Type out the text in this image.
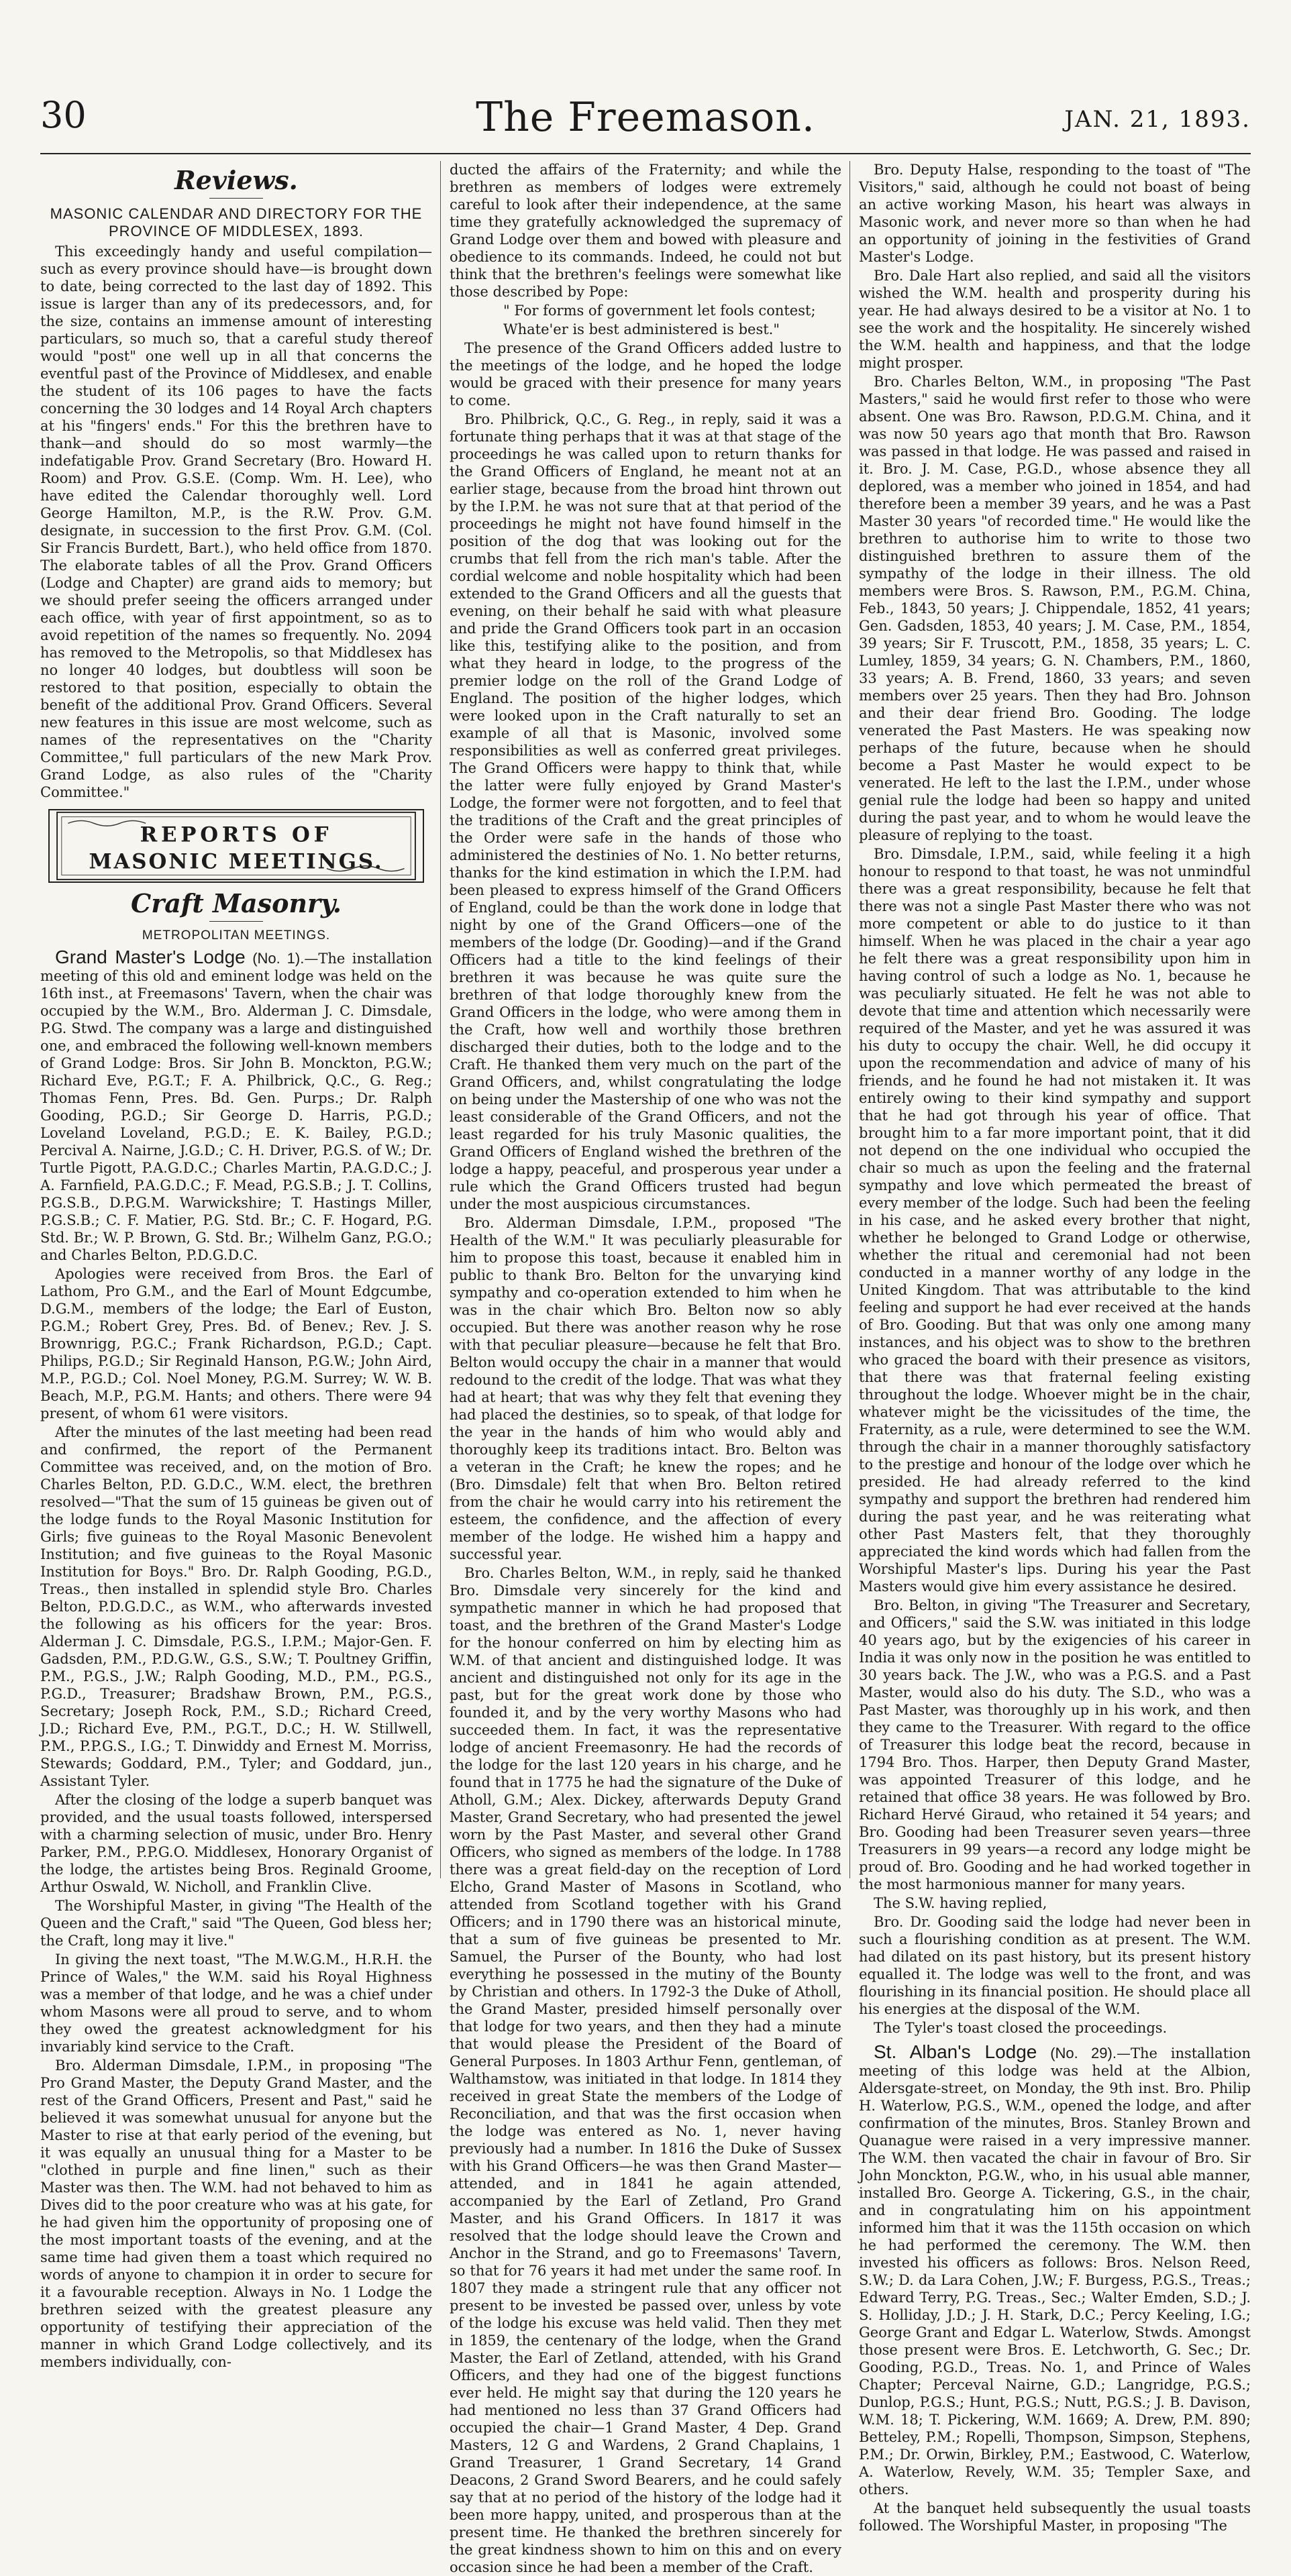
30	The Freemason.	JAN. 21, 1893.
Reviews.
MASONIC CALENDAR AND DIRECTORY FOR THE PROVINCE OF MIDDLESEX, 1893.

This exceedingly handy and useful compilation—such as every province should have—is brought down to date, being corrected to the last day of 1892. This issue is larger than any of its predecessors, and, for the size, contains an immense amount of interesting particulars, so much so, that a careful study thereof would "post" one well up in all that concerns the eventful past of the Province of Middlesex, and enable the student of its 106 pages to have the facts concerning the 30 lodges and 14 Royal Arch chapters at his "fingers' ends." For this the brethren have to thank—and should do so most warmly—the indefatigable Prov. Grand Secretary (Bro. Howard H. Room) and Prov. G.S.E. (Comp. Wm. H. Lee), who have edited the Calendar thoroughly well. Lord George Hamilton, M.P., is the R.W. Prov. G.M. designate, in succession to the first Prov. G.M. (Col. Sir Francis Burdett, Bart.), who held office from 1870. The elaborate tables of all the Prov. Grand Officers (Lodge and Chapter) are grand aids to memory; but we should prefer seeing the officers arranged under each office, with year of first appointment, so as to avoid repetition of the names so frequently. No. 2094 has removed to the Metropolis, so that Middlesex has no longer 40 lodges, but doubtless will soon be restored to that position, especially to obtain the benefit of the additional Prov. Grand Officers. Several new features in this issue are most welcome, such as names of the representatives on the "Charity Committee," full particulars of the new Mark Prov. Grand Lodge, as also rules of the "Charity Committee."

REPORTS OF
MASONIC MEETINGS.
Craft Masonry.
METROPOLITAN MEETINGS.

Grand Master's Lodge (No. 1).—The installation meeting of this old and eminent lodge was held on the 16th inst., at Freemasons' Tavern, when the chair was occupied by the W.M., Bro. Alderman J. C. Dimsdale, P.G. Stwd. The company was a large and distinguished one, and embraced the following well-known members of Grand Lodge: Bros. Sir John B. Monckton, P.G.W.; Richard Eve, P.G.T.; F. A. Philbrick, Q.C., G. Reg.; Thomas Fenn, Pres. Bd. Gen. Purps.; Dr. Ralph Gooding, P.G.D.; Sir George D. Harris, P.G.D.; Loveland Loveland, P.G.D.; E. K. Bailey, P.G.D.; Percival A. Nairne, J.G.D.; C. H. Driver, P.G.S. of W.; Dr. Turtle Pigott, P.A.G.D.C.; Charles Martin, P.A.G.D.C.; J. A. Farnfield, P.A.G.D.C.; F. Mead, P.G.S.B.; J. T. Collins, P.G.S.B., D.P.G.M. Warwickshire; T. Hastings Miller, P.G.S.B.; C. F. Matier, P.G. Std. Br.; C. F. Hogard, P.G. Std. Br.; W. P. Brown, G. Std. Br.; Wilhelm Ganz, P.G.O.; and Charles Belton, P.D.G.D.C.

Apologies were received from Bros. the Earl of Lathom, Pro G.M., and the Earl of Mount Edgcumbe, D.G.M., members of the lodge; the Earl of Euston, P.G.M.; Robert Grey, Pres. Bd. of Benev.; Rev. J. S. Brownrigg, P.G.C.; Frank Richardson, P.G.D.; Capt. Philips, P.G.D.; Sir Reginald Hanson, P.G.W.; John Aird, M.P., P.G.D.; Col. Noel Money, P.G.M. Surrey; W. W. B. Beach, M.P., P.G.M. Hants; and others. There were 94 present, of whom 61 were visitors.

After the minutes of the last meeting had been read and confirmed, the report of the Permanent Committee was received, and, on the motion of Bro. Charles Belton, P.D. G.D.C., W.M. elect, the brethren resolved—"That the sum of 15 guineas be given out of the lodge funds to the Royal Masonic Institution for Girls; five guineas to the Royal Masonic Benevolent Institution; and five guineas to the Royal Masonic Institution for Boys." Bro. Dr. Ralph Gooding, P.G.D., Treas., then installed in splendid style Bro. Charles Belton, P.D.G.D.C., as W.M., who afterwards invested the following as his officers for the year: Bros. Alderman J. C. Dimsdale, P.G.S., I.P.M.; Major-Gen. F. Gadsden, P.M., P.D.G.W., G.S., S.W.; T. Poultney Griffin, P.M., P.G.S., J.W.; Ralph Gooding, M.D., P.M., P.G.S., P.G.D., Treasurer; Bradshaw Brown, P.M., P.G.S., Secretary; Joseph Rock, P.M., S.D.; Richard Creed, J.D.; Richard Eve, P.M., P.G.T., D.C.; H. W. Stillwell, P.M., P.P.G.S., I.G.; T. Dinwiddy and Ernest M. Morriss, Stewards; Goddard, P.M., Tyler; and Goddard, jun., Assistant Tyler.

After the closing of the lodge a superb banquet was provided, and the usual toasts followed, interspersed with a charming selection of music, under Bro. Henry Parker, P.M., P.P.G.O. Middlesex, Honorary Organist of the lodge, the artistes being Bros. Reginald Groome, Arthur Oswald, W. Nicholl, and Franklin Clive.

The Worshipful Master, in giving "The Health of the Queen and the Craft," said "The Queen, God bless her; the Craft, long may it live."

In giving the next toast, "The M.W.G.M., H.R.H. the Prince of Wales," the W.M. said his Royal Highness was a member of that lodge, and he was a chief under whom Masons were all proud to serve, and to whom they owed the greatest acknowledgment for his invariably kind service to the Craft.

Bro. Alderman Dimsdale, I.P.M., in proposing "The Pro Grand Master, the Deputy Grand Master, and the rest of the Grand Officers, Present and Past," said he believed it was somewhat unusual for anyone but the Master to rise at that early period of the evening, but it was equally an unusual thing for a Master to be "clothed in purple and fine linen," such as their Master was then. The W.M. had not behaved to him as Dives did to the poor creature who was at his gate, for he had given him the opportunity of proposing one of the most important toasts of the evening, and at the same time had given them a toast which required no words of anyone to champion it in order to secure for it a favourable reception. Always in No. 1 Lodge the brethren seized with the greatest pleasure any opportunity of testifying their appreciation of the manner in which Grand Lodge collectively, and its members individually, con-

ducted the affairs of the Fraternity; and while the brethren as members of lodges were extremely careful to look after their independence, at the same time they gratefully acknowledged the supremacy of Grand Lodge over them and bowed with pleasure and obedience to its commands. Indeed, he could not but think that the brethren's feelings were somewhat like those described by Pope:

" For forms of government let fools contest;

Whate'er is best administered is best."

The presence of the Grand Officers added lustre to the meetings of the lodge, and he hoped the lodge would be graced with their presence for many years to come.

Bro. Philbrick, Q.C., G. Reg., in reply, said it was a fortunate thing perhaps that it was at that stage of the proceedings he was called upon to return thanks for the Grand Officers of England, he meant not at an earlier stage, because from the broad hint thrown out by the I.P.M. he was not sure that at that period of the proceedings he might not have found himself in the position of the dog that was looking out for the crumbs that fell from the rich man's table. After the cordial welcome and noble hospitality which had been extended to the Grand Officers and all the guests that evening, on their behalf he said with what pleasure and pride the Grand Officers took part in an occasion like this, testifying alike to the position, and from what they heard in lodge, to the progress of the premier lodge on the roll of the Grand Lodge of England. The position of the higher lodges, which were looked upon in the Craft naturally to set an example of all that is Masonic, involved some responsibilities as well as conferred great privileges. The Grand Officers were happy to think that, while the latter were fully enjoyed by Grand Master's Lodge, the former were not forgotten, and to feel that the traditions of the Craft and the great principles of the Order were safe in the hands of those who administered the destinies of No. 1. No better returns, thanks for the kind estimation in which the I.P.M. had been pleased to express himself of the Grand Officers of England, could be than the work done in lodge that night by one of the Grand Officers—one of the members of the lodge (Dr. Gooding)—and if the Grand Officers had a title to the kind feelings of their brethren it was because he was quite sure the brethren of that lodge thoroughly knew from the Grand Officers in the lodge, who were among them in the Craft, how well and worthily those brethren discharged their duties, both to the lodge and to the Craft. He thanked them very much on the part of the Grand Officers, and, whilst congratulating the lodge on being under the Mastership of one who was not the least considerable of the Grand Officers, and not the least regarded for his truly Masonic qualities, the Grand Officers of England wished the brethren of the lodge a happy, peaceful, and prosperous year under a rule which the Grand Officers trusted had begun under the most auspicious circumstances.

Bro. Alderman Dimsdale, I.P.M., proposed "The Health of the W.M." It was peculiarly pleasurable for him to propose this toast, because it enabled him in public to thank Bro. Belton for the unvarying kind sympathy and co-operation extended to him when he was in the chair which Bro. Belton now so ably occupied. But there was another reason why he rose with that peculiar pleasure—because he felt that Bro. Belton would occupy the chair in a manner that would redound to the credit of the lodge. That was what they had at heart; that was why they felt that evening they had placed the destinies, so to speak, of that lodge for the year in the hands of him who would ably and thoroughly keep its traditions intact. Bro. Belton was a veteran in the Craft; he knew the ropes; and he (Bro. Dimsdale) felt that when Bro. Belton retired from the chair he would carry into his retirement the esteem, the confidence, and the affection of every member of the lodge. He wished him a happy and successful year.

Bro. Charles Belton, W.M., in reply, said he thanked Bro. Dimsdale very sincerely for the kind and sympathetic manner in which he had proposed that toast, and the brethren of the Grand Master's Lodge for the honour conferred on him by electing him as W.M. of that ancient and distinguished lodge. It was ancient and distinguished not only for its age in the past, but for the great work done by those who founded it, and by the very worthy Masons who had succeeded them. In fact, it was the representative lodge of ancient Freemasonry. He had the records of the lodge for the last 120 years in his charge, and he found that in 1775 he had the signature of the Duke of Atholl, G.M.; Alex. Dickey, afterwards Deputy Grand Master, Grand Secretary, who had presented the jewel worn by the Past Master, and several other Grand Officers, who signed as members of the lodge. In 1788 there was a great field-day on the reception of Lord Elcho, Grand Master of Masons in Scotland, who attended from Scotland together with his Grand Officers; and in 1790 there was an historical minute, that a sum of five guineas be presented to Mr. Samuel, the Purser of the Bounty, who had lost everything he possessed in the mutiny of the Bounty by Christian and others. In 1792-3 the Duke of Atholl, the Grand Master, presided himself personally over that lodge for two years, and then they had a minute that would please the President of the Board of General Purposes. In 1803 Arthur Fenn, gentleman, of Walthamstow, was initiated in that lodge. In 1814 they received in great State the members of the Lodge of Reconciliation, and that was the first occasion when the lodge was entered as No. 1, never having previously had a number. In 1816 the Duke of Sussex with his Grand Officers—he was then Grand Master—attended, and in 1841 he again attended, accompanied by the Earl of Zetland, Pro Grand Master, and his Grand Officers. In 1817 it was resolved that the lodge should leave the Crown and Anchor in the Strand, and go to Freemasons' Tavern, so that for 76 years it had met under the same roof. In 1807 they made a stringent rule that any officer not present to be invested be passed over, unless by vote of the lodge his excuse was held valid. Then they met in 1859, the centenary of the lodge, when the Grand Master, the Earl of Zetland, attended, with his Grand Officers, and they had one of the biggest functions ever held. He might say that during the 120 years he had mentioned no less than 37 Grand Officers had occupied the chair—1 Grand Master, 4 Dep. Grand Masters, 12 G and Wardens, 2 Grand Chaplains, 1 Grand Treasurer, 1 Grand Secretary, 14 Grand Deacons, 2 Grand Sword Bearers, and he could safely say that at no period of the history of the lodge had it been more happy, united, and prosperous than at the present time. He thanked the brethren sincerely for the great kindness shown to him on this and on every occasion since he had been a member of the Craft.

Bro. Deputy Halse, responding to the toast of "The Visitors," said, although he could not boast of being an active working Mason, his heart was always in Masonic work, and never more so than when he had an opportunity of joining in the festivities of Grand Master's Lodge.

Bro. Dale Hart also replied, and said all the visitors wished the W.M. health and prosperity during his year. He had always desired to be a visitor at No. 1 to see the work and the hospitality. He sincerely wished the W.M. health and happiness, and that the lodge might prosper.

Bro. Charles Belton, W.M., in proposing "The Past Masters," said he would first refer to those who were absent. One was Bro. Rawson, P.D.G.M. China, and it was now 50 years ago that month that Bro. Rawson was passed in that lodge. He was passed and raised in it. Bro. J. M. Case, P.G.D., whose absence they all deplored, was a member who joined in 1854, and had therefore been a member 39 years, and he was a Past Master 30 years "of recorded time." He would like the brethren to authorise him to write to those two distinguished brethren to assure them of the sympathy of the lodge in their illness. The old members were Bros. S. Rawson, P.M., P.G.M. China, Feb., 1843, 50 years; J. Chippendale, 1852, 41 years; Gen. Gadsden, 1853, 40 years; J. M. Case, P.M., 1854, 39 years; Sir F. Truscott, P.M., 1858, 35 years; L. C. Lumley, 1859, 34 years; G. N. Chambers, P.M., 1860, 33 years; A. B. Frend, 1860, 33 years; and seven members over 25 years. Then they had Bro. Johnson and their dear friend Bro. Gooding. The lodge venerated the Past Masters. He was speaking now perhaps of the future, because when he should become a Past Master he would expect to be venerated. He left to the last the I.P.M., under whose genial rule the lodge had been so happy and united during the past year, and to whom he would leave the pleasure of replying to the toast.

Bro. Dimsdale, I.P.M., said, while feeling it a high honour to respond to that toast, he was not unmindful there was a great responsibility, because he felt that there was not a single Past Master there who was not more competent or able to do justice to it than himself. When he was placed in the chair a year ago he felt there was a great responsibility upon him in having control of such a lodge as No. 1, because he was peculiarly situated. He felt he was not able to devote that time and attention which necessarily were required of the Master, and yet he was assured it was his duty to occupy the chair. Well, he did occupy it upon the recommendation and advice of many of his friends, and he found he had not mistaken it. It was entirely owing to their kind sympathy and support that he had got through his year of office. That brought him to a far more important point, that it did not depend on the one individual who occupied the chair so much as upon the feeling and the fraternal sympathy and love which permeated the breast of every member of the lodge. Such had been the feeling in his case, and he asked every brother that night, whether he belonged to Grand Lodge or otherwise, whether the ritual and ceremonial had not been conducted in a manner worthy of any lodge in the United Kingdom. That was attributable to the kind feeling and support he had ever received at the hands of Bro. Gooding. But that was only one among many instances, and his object was to show to the brethren who graced the board with their presence as visitors, that there was that fraternal feeling existing throughout the lodge. Whoever might be in the chair, whatever might be the vicissitudes of the time, the Fraternity, as a rule, were determined to see the W.M. through the chair in a manner thoroughly satisfactory to the prestige and honour of the lodge over which he presided. He had already referred to the kind sympathy and support the brethren had rendered him during the past year, and he was reiterating what other Past Masters felt, that they thoroughly appreciated the kind words which had fallen from the Worshipful Master's lips. During his year the Past Masters would give him every assistance he desired.

Bro. Belton, in giving "The Treasurer and Secretary, and Officers," said the S.W. was initiated in this lodge 40 years ago, but by the exigencies of his career in India it was only now in the position he was entitled to 30 years back. The J.W., who was a P.G.S. and a Past Master, would also do his duty. The S.D., who was a Past Master, was thoroughly up in his work, and then they came to the Treasurer. With regard to the office of Treasurer this lodge beat the record, because in 1794 Bro. Thos. Harper, then Deputy Grand Master, was appointed Treasurer of this lodge, and he retained that office 38 years. He was followed by Bro. Richard Hervé Giraud, who retained it 54 years; and Bro. Gooding had been Treasurer seven years—three Treasurers in 99 years—a record any lodge might be proud of. Bro. Gooding and he had worked together in the most harmonious manner for many years.

The S.W. having replied,

Bro. Dr. Gooding said the lodge had never been in such a flourishing condition as at present. The W.M. had dilated on its past history, but its present history equalled it. The lodge was well to the front, and was flourishing in its financial position. He should place all his energies at the disposal of the W.M.

The Tyler's toast closed the proceedings.

St. Alban's Lodge (No. 29).—The installation meeting of this lodge was held at the Albion, Aldersgate-street, on Monday, the 9th inst. Bro. Philip H. Waterlow, P.G.S., W.M., opened the lodge, and after confirmation of the minutes, Bros. Stanley Brown and Quanague were raised in a very impressive manner. The W.M. then vacated the chair in favour of Bro. Sir John Monckton, P.G.W., who, in his usual able manner, installed Bro. George A. Tickering, G.S., in the chair, and in congratulating him on his appointment informed him that it was the 115th occasion on which he had performed the ceremony. The W.M. then invested his officers as follows: Bros. Nelson Reed, S.W.; D. da Lara Cohen, J.W.; F. Burgess, P.G.S., Treas.; Edward Terry, P.G. Treas., Sec.; Walter Emden, S.D.; J. S. Holliday, J.D.; J. H. Stark, D.C.; Percy Keeling, I.G.; George Grant and Edgar L. Waterlow, Stwds. Amongst those present were Bros. E. Letchworth, G. Sec.; Dr. Gooding, P.G.D., Treas. No. 1, and Prince of Wales Chapter; Perceval Nairne, G.D.; Langridge, P.G.S.; Dunlop, P.G.S.; Hunt, P.G.S.; Nutt, P.G.S.; J. B. Davison, W.M. 18; T. Pickering, W.M. 1669; A. Drew, P.M. 890; Betteley, P.M.; Ropelli, Thompson, Simpson, Stephens, P.M.; Dr. Orwin, Birkley, P.M.; Eastwood, C. Waterlow, A. Waterlow, Revely, W.M. 35; Templer Saxe, and others.

At the banquet held subsequently the usual toasts followed. The Worshipful Master, in proposing "The
